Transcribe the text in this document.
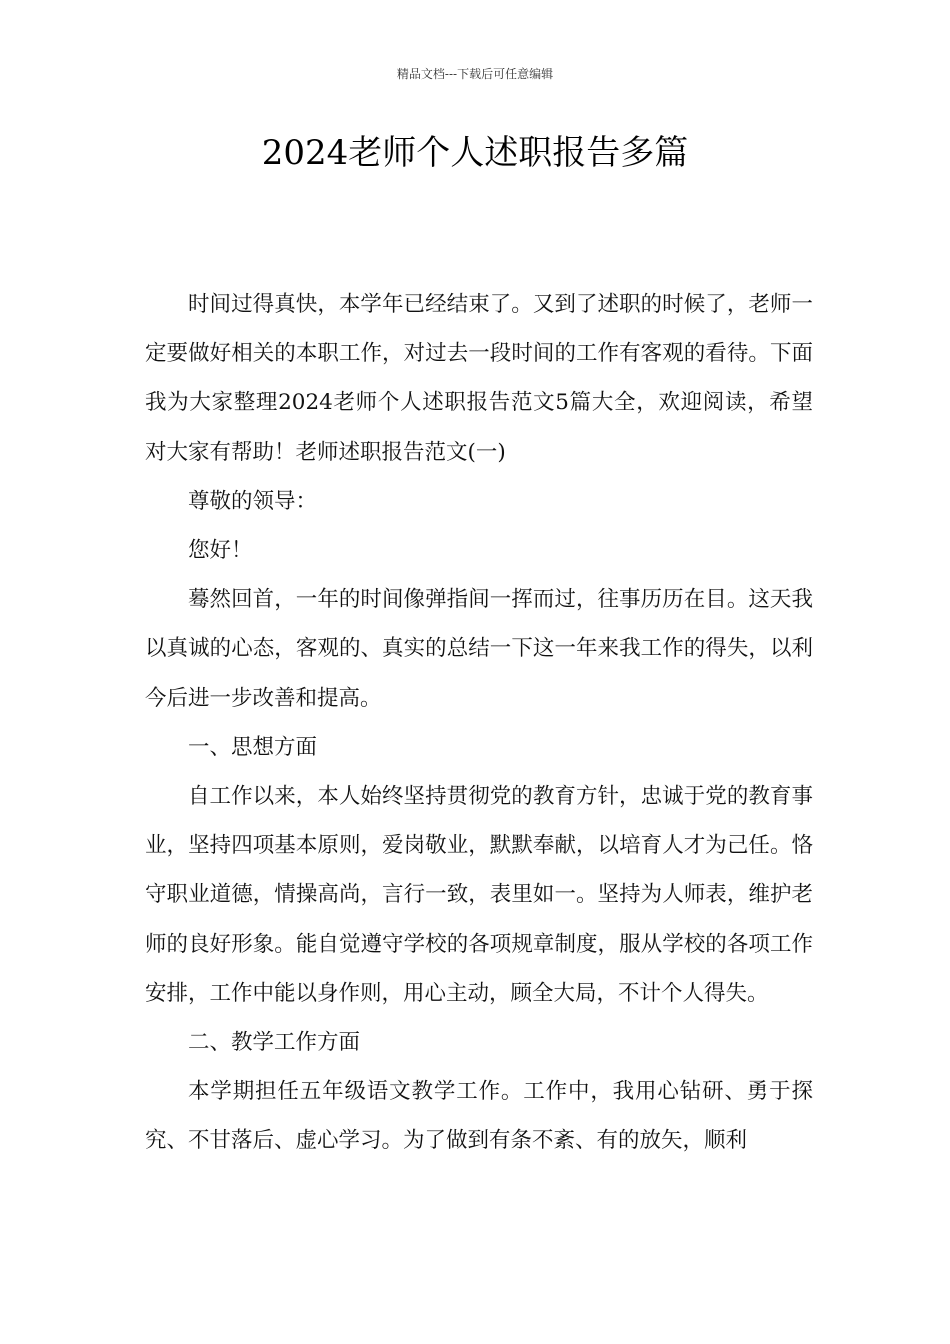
精品文档---下载后可任意编辑
2024老师个人述职报告多篇

时间过得真快，本学年已经结束了。又到了述职的时候了，老师一定要做好相关的本职工作，对过去一段时间的工作有客观的看待。下面我为大家整理2024老师个人述职报告范文5篇大全，欢迎阅读，希望对大家有帮助！老师述职报告范文(一)

尊敬的领导：

您好！

蓦然回首，一年的时间像弹指间一挥而过，往事历历在目。这天我以真诚的心态，客观的、真实的总结一下这一年来我工作的得失，以利今后进一步改善和提高。

一、思想方面

自工作以来，本人始终坚持贯彻党的教育方针，忠诚于党的教育事业，坚持四项基本原则，爱岗敬业，默默奉献，以培育人才为己任。恪守职业道德，情操高尚，言行一致，表里如一。坚持为人师表，维护老师的良好形象。能自觉遵守学校的各项规章制度，服从学校的各项工作安排，工作中能以身作则，用心主动，顾全大局，不计个人得失。

二、教学工作方面

本学期担任五年级语文教学工作。工作中，我用心钻研、勇于探究、不甘落后、虚心学习。为了做到有条不紊、有的放矢，顺利
